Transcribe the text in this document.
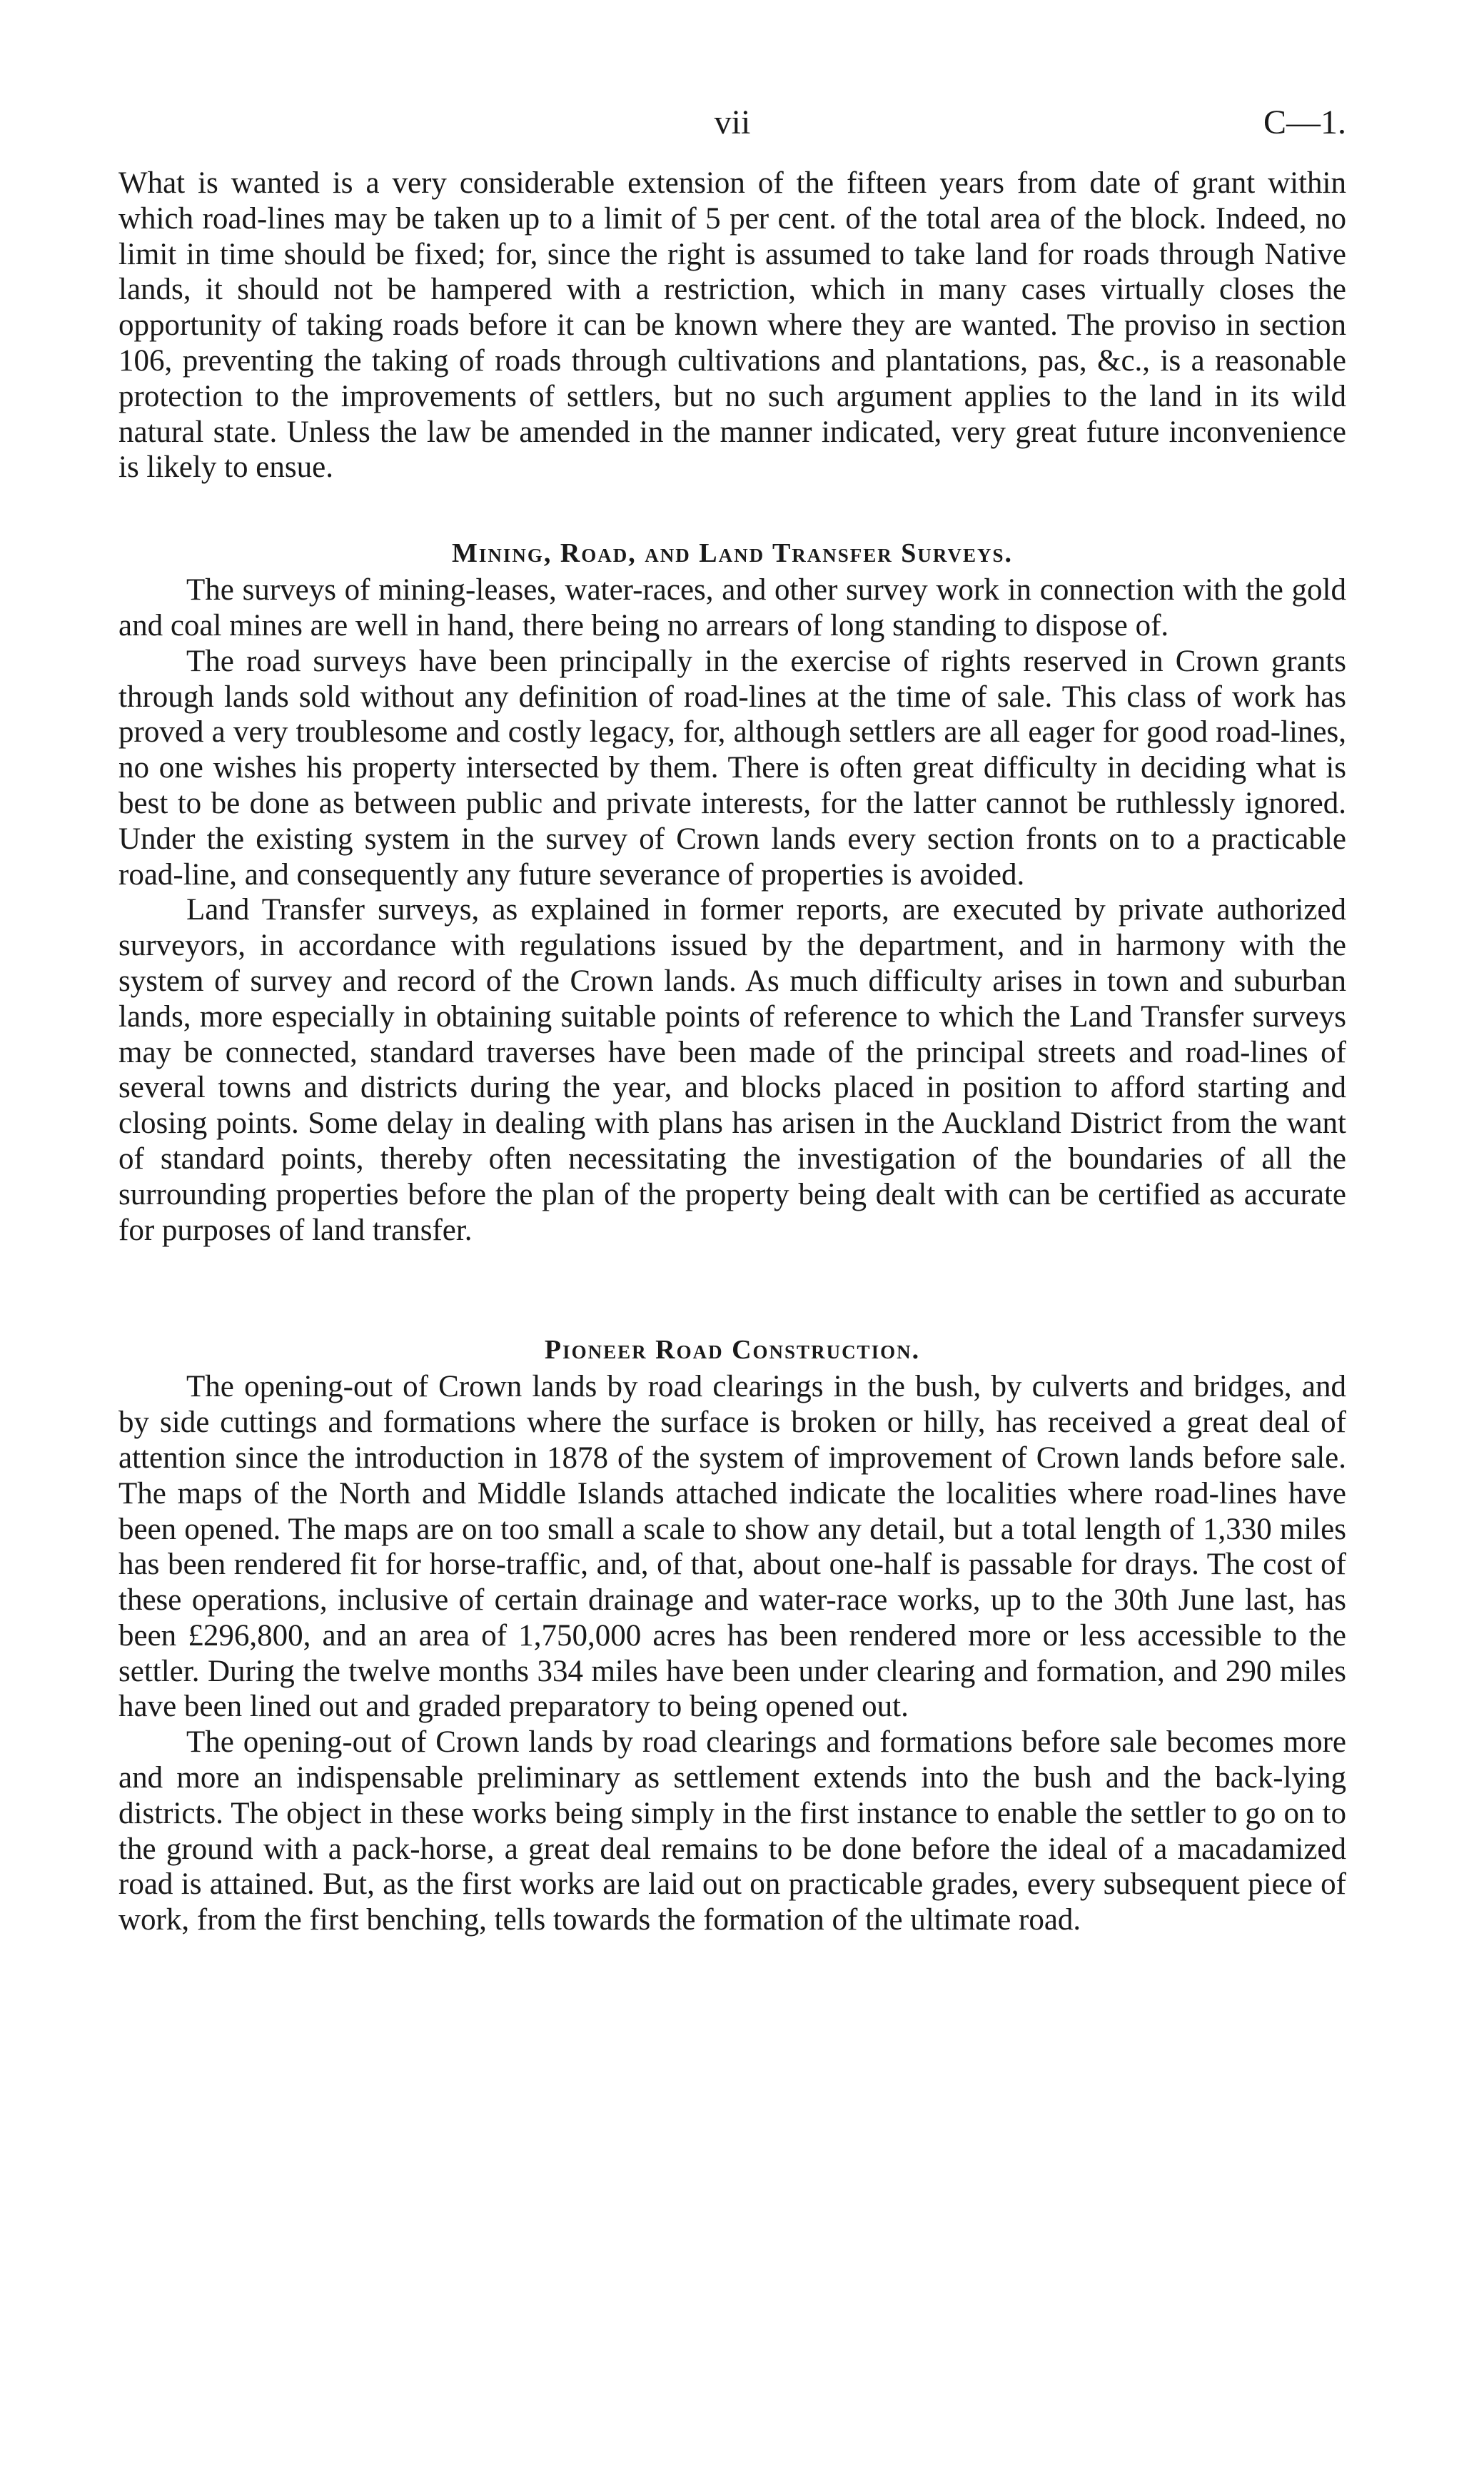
vii	C—1.

What is wanted is a very considerable extension of the fifteen years from date of grant within which road-lines may be taken up to a limit of 5 per cent. of the total area of the block. Indeed, no limit in time should be fixed; for, since the right is assumed to take land for roads through Native lands, it should not be hampered with a restriction, which in many cases virtually closes the opportunity of taking roads before it can be known where they are wanted. The proviso in section 106, preventing the taking of roads through cultivations and plantations, pas, &c., is a reasonable protection to the improvements of settlers, but no such argument applies to the land in its wild natural state. Unless the law be amended in the manner indicated, very great future inconvenience is likely to ensue.

Mining, Road, and Land Transfer Surveys.

The surveys of mining-leases, water-races, and other survey work in connection with the gold and coal mines are well in hand, there being no arrears of long standing to dispose of.

The road surveys have been principally in the exercise of rights reserved in Crown grants through lands sold without any definition of road-lines at the time of sale. This class of work has proved a very troublesome and costly legacy, for, although settlers are all eager for good road-lines, no one wishes his property intersected by them. There is often great difficulty in deciding what is best to be done as between public and private interests, for the latter cannot be ruthlessly ignored. Under the existing system in the survey of Crown lands every section fronts on to a practicable road-line, and consequently any future severance of properties is avoided.

Land Transfer surveys, as explained in former reports, are executed by private authorized surveyors, in accordance with regulations issued by the department, and in harmony with the system of survey and record of the Crown lands. As much difficulty arises in town and suburban lands, more especially in obtaining suitable points of reference to which the Land Transfer surveys may be connected, standard traverses have been made of the principal streets and road-lines of several towns and districts during the year, and blocks placed in position to afford starting and closing points. Some delay in dealing with plans has arisen in the Auckland District from the want of standard points, thereby often necessitating the investigation of the boundaries of all the surrounding properties before the plan of the property being dealt with can be certified as accurate for purposes of land transfer.

Pioneer Road Construction.

The opening-out of Crown lands by road clearings in the bush, by culverts and bridges, and by side cuttings and formations where the surface is broken or hilly, has received a great deal of attention since the introduction in 1878 of the system of improvement of Crown lands before sale. The maps of the North and Middle Islands attached indicate the localities where road-lines have been opened. The maps are on too small a scale to show any detail, but a total length of 1,330 miles has been rendered fit for horse-traffic, and, of that, about one-half is passable for drays. The cost of these operations, inclusive of certain drainage and water-race works, up to the 30th June last, has been £296,800, and an area of 1,750,000 acres has been rendered more or less accessible to the settler. During the twelve months 334 miles have been under clearing and formation, and 290 miles have been lined out and graded preparatory to being opened out.

The opening-out of Crown lands by road clearings and formations before sale becomes more and more an indispensable preliminary as settlement extends into the bush and the back-lying districts. The object in these works being simply in the first instance to enable the settler to go on to the ground with a pack-horse, a great deal remains to be done before the ideal of a macadamized road is attained. But, as the first works are laid out on practicable grades, every subsequent piece of work, from the first benching, tells towards the formation of the ultimate road.
